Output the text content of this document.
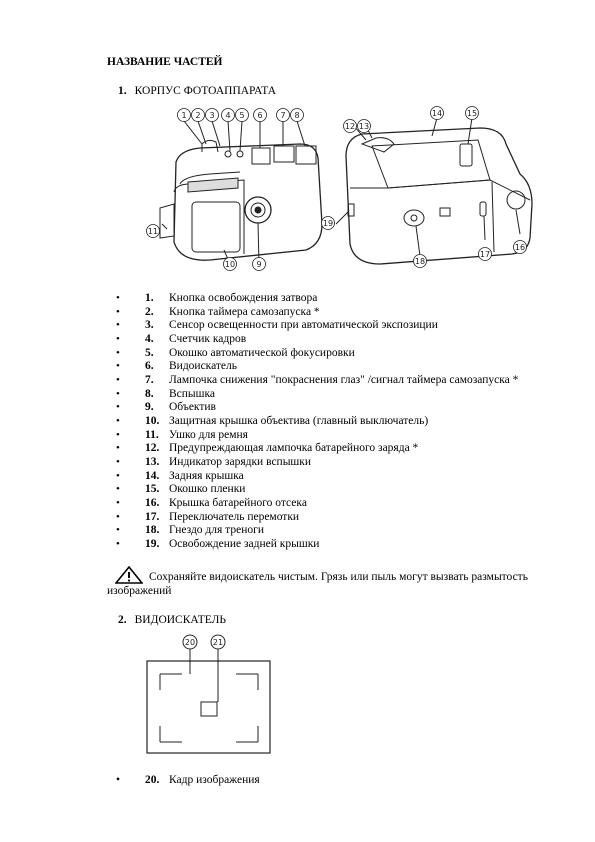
НАЗВАНИЕ ЧАСТЕЙ
1. КОРПУС ФОТОАППАРАТА
1 2 3 4 5 6 7 8
9
10
11
12 13
14	15
16
17
18
19
• 1. Кнопка освобождения затвора
• 2. Кнопка таймера самозапуска *
• 3. Сенсор освещенности при автоматической экспозиции
• 4. Счетчик кадров
• 5. Окошко автоматической фокусировки
• 6. Видоискатель
• 7. Лампочка снижения "покраснения глаз" /сигнал таймера самозапуска *
• 8. Вспышка
• 9. Объектив
• 10. Защитная крышка объектива (главный выключатель)
• 11. Ушко для ремня
• 12. Предупреждающая лампочка батарейного заряда *
• 13. Индикатор зарядки вспышки
• 14. Задняя крышка
• 15. Окошко пленки
• 16. Крышка батарейного отсека
• 17. Переключатель перемотки
• 18. Гнездо для треноги
• 19. Освобождение задней крышки
Сохраняйте видоискатель чистым. Грязь или пыль могут вызвать размытость изображений
2. ВИДОИСКАТЕЛЬ
20 21
• 20. Кадр изображения
